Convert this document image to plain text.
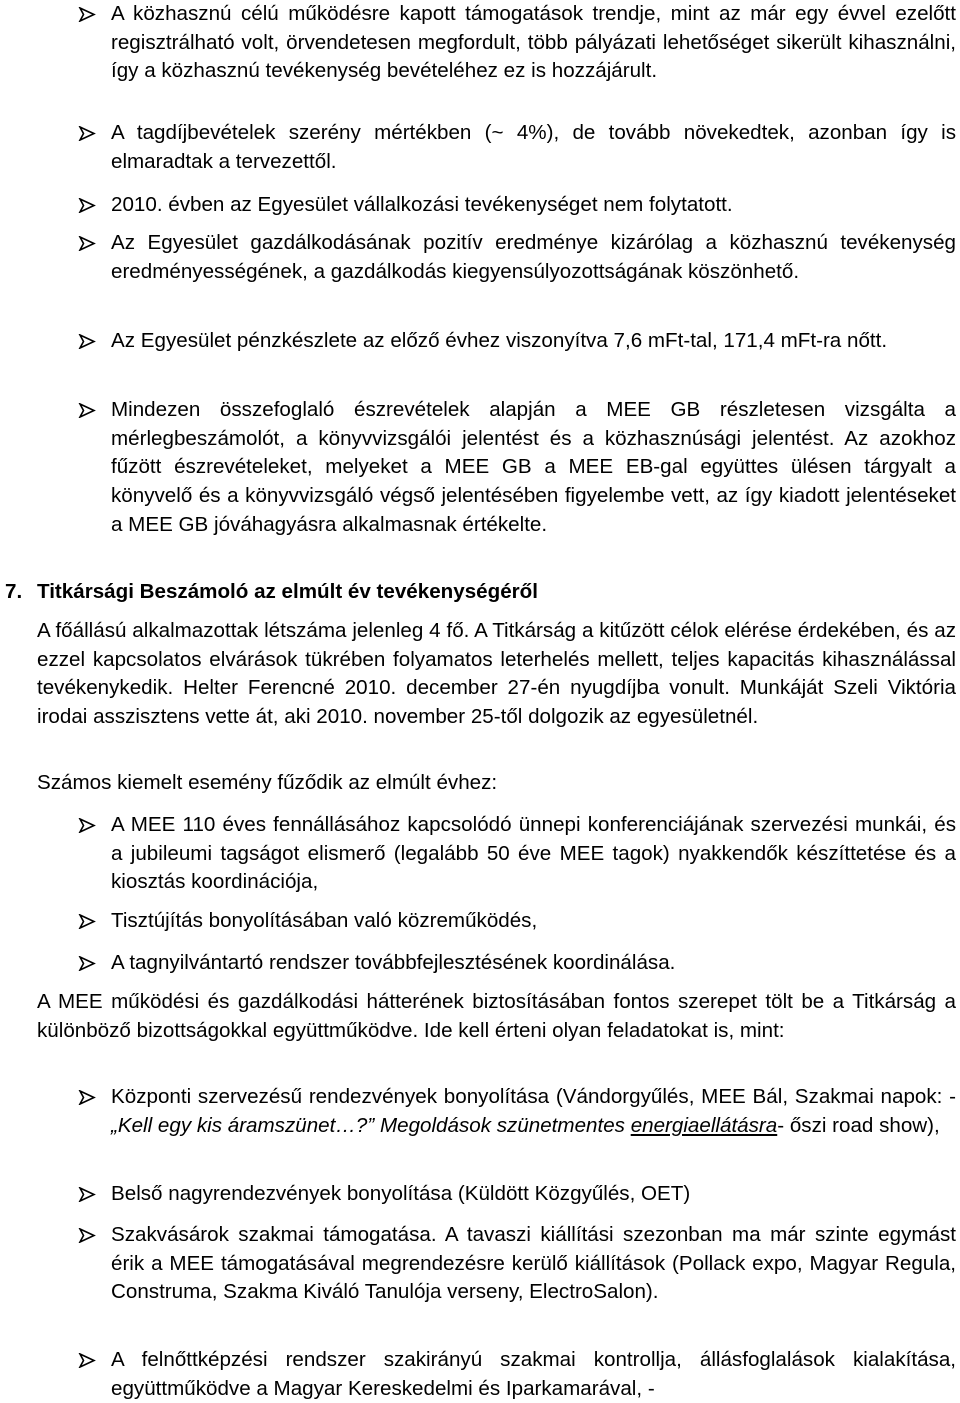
A közhasznú célú működésre kapott támogatások trendje, mint az már egy évvel ezelőtt regisztrálható volt, örvendetesen megfordult, több pályázati lehetőséget sikerült kihasználni, így a közhasznú tevékenység bevételéhez ez is hozzájárult.
A tagdíjbevételek szerény mértékben (~ 4%), de tovább növekedtek, azonban így is elmaradtak a tervezettől.
2010. évben az Egyesület vállalkozási tevékenységet nem folytatott.
Az Egyesület gazdálkodásának pozitív eredménye kizárólag a közhasznú tevékenység eredményességének, a gazdálkodás kiegyensúlyozottságának köszönhető.
Az Egyesület pénzkészlete az előző évhez viszonyítva 7,6 mFt-tal, 171,4 mFt-ra nőtt.
Mindezen összefoglaló észrevételek alapján a MEE GB részletesen vizsgálta a mérlegbeszámolót, a könyvvizsgálói jelentést és a közhasznúsági jelentést. Az azokhoz fűzött észrevételeket, melyeket a MEE GB a MEE EB-gal együttes ülésen tárgyalt a könyvelő és a könyvvizsgáló végső jelentésében figyelembe vett, az így kiadott jelentéseket a MEE GB jóváhagyásra alkalmasnak értékelte.
7. Titkársági Beszámoló az elmúlt év tevékenységéről
A főállású alkalmazottak létszáma jelenleg 4 fő. A Titkárság a kitűzött célok elérése érdekében, és az ezzel kapcsolatos elvárások tükrében folyamatos leterhelés mellett, teljes kapacitás kihasználással tevékenykedik. Helter Ferencné 2010. december 27-én nyugdíjba vonult. Munkáját Szeli Viktória irodai asszisztens vette át, aki 2010. november 25-től dolgozik az egyesületnél.
Számos kiemelt esemény fűződik az elmúlt évhez:
A MEE 110 éves fennállásához kapcsolódó ünnepi konferenciájának szervezési munkái, és a jubileumi tagságot elismerő (legalább 50 éve MEE tagok) nyakkendők készíttetése és a kiosztás koordinációja,
Tisztújítás bonyolításában való közreműködés,
A tagnyilvántartó rendszer továbbfejlesztésének koordinálása.
A MEE működési és gazdálkodási hátterének biztosításában fontos szerepet tölt be a Titkárság a különböző bizottságokkal együttműködve. Ide kell érteni olyan feladatokat is, mint:
Központi szervezésű rendezvények bonyolítása (Vándorgyűlés, MEE Bál, Szakmai napok: -„Kell egy kis áramszünet…?” Megoldások szünetmentes energiaellátásra- őszi road show),
Belső nagyrendezvények bonyolítása (Küldött Közgyűlés, OET)
Szakvásárok szakmai támogatása. A tavaszi kiállítási szezonban ma már szinte egymást érik a MEE támogatásával megrendezésre kerülő kiállítások (Pollack expo, Magyar Regula, Construma, Szakma Kiváló Tanulója verseny, ElectroSalon).
A felnőttképzési rendszer szakirányú szakmai kontrollja, állásfoglalások kialakítása, együttműködve a Magyar Kereskedelmi és Iparkamarával, -
